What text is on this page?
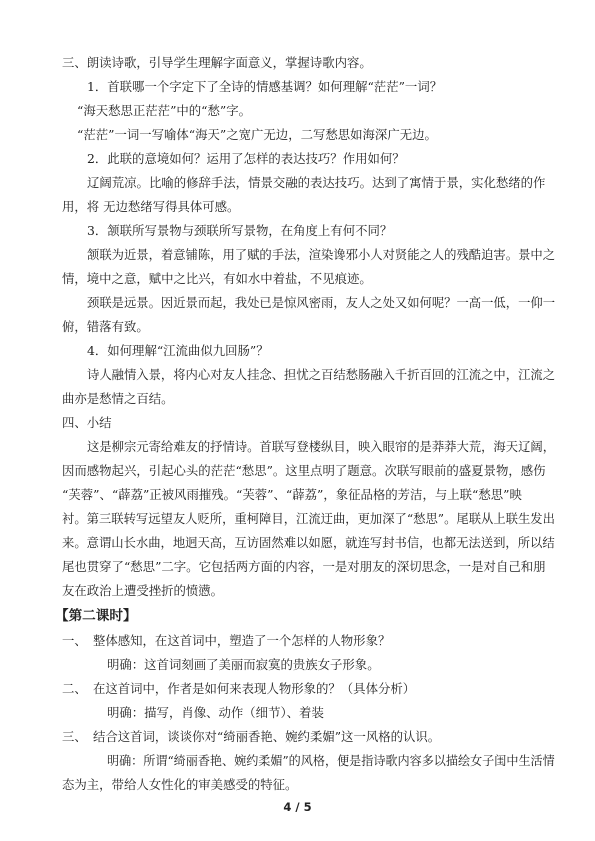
三、朗读诗歌，引导学生理解字面意义，掌握诗歌内容。
1．首联哪一个字定下了全诗的情感基调？如何理解“茫茫”一词？
“海天愁思正茫茫”中的“愁”字。
“茫茫”一词一写喻体“海天”之宽广无边，二写愁思如海深广无边。
2．此联的意境如何？运用了怎样的表达技巧？作用如何？
辽阔荒凉。比喻的修辞手法，情景交融的表达技巧。达到了寓情于景，实化愁绪的作
用，将 无边愁绪写得具体可感。
3．颔联所写景物与颈联所写景物，在角度上有何不同？
颔联为近景，着意铺陈，用了赋的手法，渲染谗邪小人对贤能之人的残酷迫害。景中之
情，境中之意，赋中之比兴，有如水中着盐，不见痕迹。
颈联是远景。因近景而起，我处已是惊风密雨，友人之处又如何呢？一高一低，一仰一
俯，错落有致。
4．如何理解“江流曲似九回肠”？
诗人融情入景，将内心对友人挂念、担忧之百结愁肠融入千折百回的江流之中，江流之
曲亦是愁情之百结。
四、小结
这是柳宗元寄给难友的抒情诗。首联写登楼纵目，映入眼帘的是莽莽大荒，海天辽阔，
因而感物起兴，引起心头的茫茫“愁思”。这里点明了题意。次联写眼前的盛夏景物，感伤
“芙蓉”、“薜荔”正被风雨摧残。“芙蓉”、“薜荔”，象征品格的芳洁，与上联“愁思”映
衬。第三联转写远望友人贬所，重柯障目，江流迂曲，更加深了“愁思”。尾联从上联生发出
来。意谓山长水曲，地迥天高，互访固然难以如愿，就连写封书信，也都无法送到，所以结
尾也贯穿了“愁思”二字。它包括两方面的内容，一是对朋友的深切思念，一是对自己和朋
友在政治上遭受挫折的愤懑。
【第二课时】
一、　整体感知，在这首词中，塑造了一个怎样的人物形象？
明确：这首词刻画了美丽而寂寞的贵族女子形象。
二、　在这首词中，作者是如何来表现人物形象的？（具体分析）
明确：描写，肖像、动作（细节）、着装
三、　结合这首词，谈谈你对“绮丽香艳、婉约柔媚”这一风格的认识。
明确：所谓“绮丽香艳、婉约柔媚”的风格，便是指诗歌内容多以描绘女子闺中生活情
态为主，带给人女性化的审美感受的特征。
4 / 5
